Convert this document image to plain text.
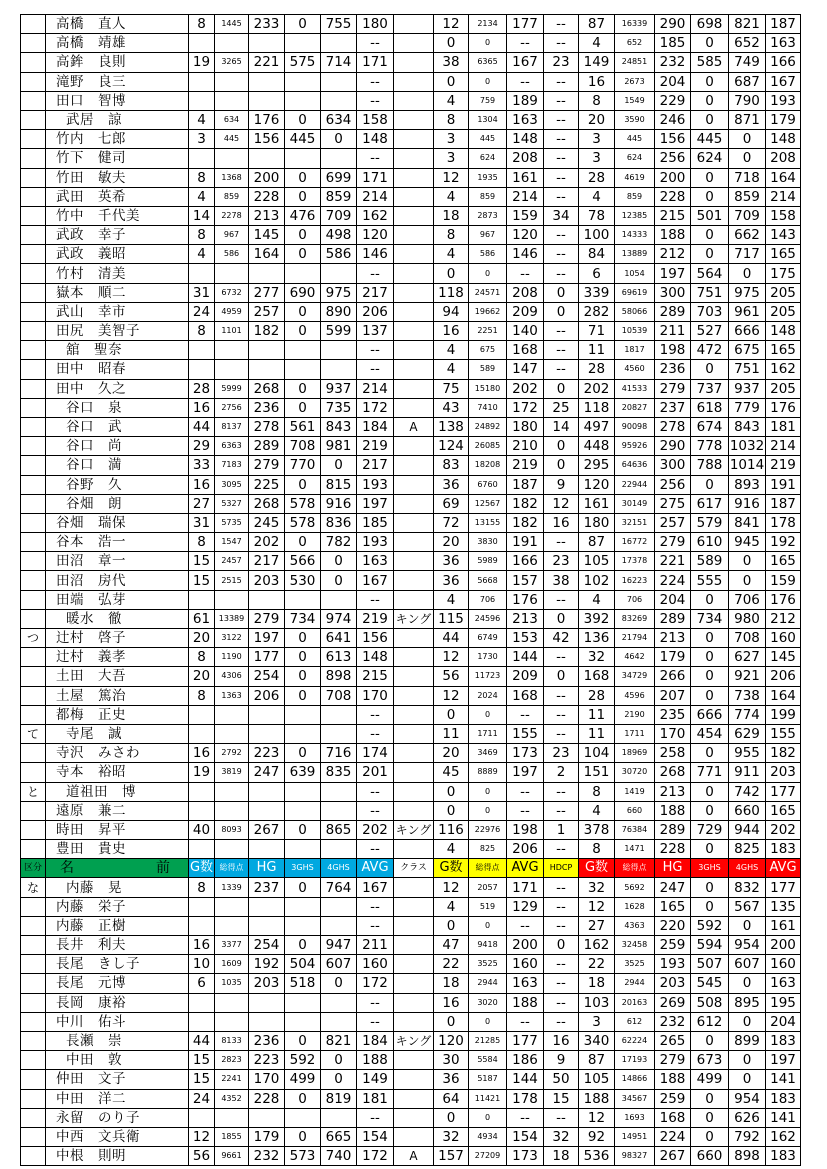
	高橋　直人	8	1445	233	0	755	180		12	2134	177	--	87	16339	290	698	821	187
	高橋　靖雄						--		0	0	--	--	4	652	185	0	652	163
	高鉾　良則	19	3265	221	575	714	171		38	6365	167	23	149	24851	232	585	749	166
	滝野　良三						--		0	0	--	--	16	2673	204	0	687	167
	田口　智博						--		4	759	189	--	8	1549	229	0	790	193
	武居　諒	4	634	176	0	634	158		8	1304	163	--	20	3590	246	0	871	179
	竹内　七郎	3	445	156	445	0	148		3	445	148	--	3	445	156	445	0	148
	竹下　健司						--		3	624	208	--	3	624	256	624	0	208
	竹田　敏夫	8	1368	200	0	699	171		12	1935	161	--	28	4619	200	0	718	164
	武田　英希	4	859	228	0	859	214		4	859	214	--	4	859	228	0	859	214
	竹中　千代美	14	2278	213	476	709	162		18	2873	159	34	78	12385	215	501	709	158
	武政　幸子	8	967	145	0	498	120		8	967	120	--	100	14333	188	0	662	143
	武政　義昭	4	586	164	0	586	146		4	586	146	--	84	13889	212	0	717	165
	竹村　清美						--		0	0	--	--	6	1054	197	564	0	175
	嶽本　順二	31	6732	277	690	975	217		118	24571	208	0	339	69619	300	751	975	205
	武山　幸市	24	4959	257	0	890	206		94	19662	209	0	282	58066	289	703	961	205
	田尻　美智子	8	1101	182	0	599	137		16	2251	140	--	71	10539	211	527	666	148
	舘　聖奈						--		4	675	168	--	11	1817	198	472	675	165
	田中　昭春						--		4	589	147	--	28	4560	236	0	751	162
	田中　久之	28	5999	268	0	937	214		75	15180	202	0	202	41533	279	737	937	205
	谷口　泉	16	2756	236	0	735	172		43	7410	172	25	118	20827	237	618	779	176
	谷口　武	44	8137	278	561	843	184	A	138	24892	180	14	497	90098	278	674	843	181
	谷口　尚	29	6363	289	708	981	219		124	26085	210	0	448	95926	290	778	1032	214
	谷口　満	33	7183	279	770	0	217		83	18208	219	0	295	64636	300	788	1014	219
	谷野　久	16	3095	225	0	815	193		36	6760	187	9	120	22944	256	0	893	191
	谷畑　朗	27	5327	268	578	916	197		69	12567	182	12	161	30149	275	617	916	187
	谷畑　瑞保	31	5735	245	578	836	185		72	13155	182	16	180	32151	257	579	841	178
	谷本　浩一	8	1547	202	0	782	193		20	3830	191	--	87	16772	279	610	945	192
	田沼　章一	15	2457	217	566	0	163		36	5989	166	23	105	17378	221	589	0	165
	田沼　房代	15	2515	203	530	0	167		36	5668	157	38	102	16223	224	555	0	159
	田端　弘芽						--		4	706	176	--	4	706	204	0	706	176
	暖水　徹	61	13389	279	734	974	219	キング	115	24596	213	0	392	83269	289	734	980	212
つ	辻村　啓子	20	3122	197	0	641	156		44	6749	153	42	136	21794	213	0	708	160
	辻村　義孝	8	1190	177	0	613	148		12	1730	144	--	32	4642	179	0	627	145
	土田　大吾	20	4306	254	0	898	215		56	11723	209	0	168	34729	266	0	921	206
	土屋　篤治	8	1363	206	0	708	170		12	2024	168	--	28	4596	207	0	738	164
	都梅　正史						--		0	0	--	--	11	2190	235	666	774	199
て	寺尾　誠						--		11	1711	155	--	11	1711	170	454	629	155
	寺沢　みさわ	16	2792	223	0	716	174		20	3469	173	23	104	18969	258	0	955	182
	寺本　裕昭	19	3819	247	639	835	201		45	8889	197	2	151	30720	268	771	911	203
と	道祖田　博						--		0	0	--	--	8	1419	213	0	742	177
	遠原　兼二						--		0	0	--	--	4	660	188	0	660	165
	時田　昇平	40	8093	267	0	865	202	キング	116	22976	198	1	378	76384	289	729	944	202
	豊田　貴史						--		4	825	206	--	8	1471	228	0	825	183
区分	名　　前	G数	総得点	HG	3GHS	4GHS	AVG	クラス	G数	総得点	AVG	HDCP	G数	総得点	HG	3GHS	4GHS	AVG
な	内藤　晃	8	1339	237	0	764	167		12	2057	171	--	32	5692	247	0	832	177
	内藤　栄子						--		4	519	129	--	12	1628	165	0	567	135
	内藤　正樹						--		0	0	--	--	27	4363	220	592	0	161
	長井　利夫	16	3377	254	0	947	211		47	9418	200	0	162	32458	259	594	954	200
	長尾　きし子	10	1609	192	504	607	160		22	3525	160	--	22	3525	193	507	607	160
	長尾　元博	6	1035	203	518	0	172		18	2944	163	--	18	2944	203	545	0	163
	長岡　康裕						--		16	3020	188	--	103	20163	269	508	895	195
	中川　佑斗						--		0	0	--	--	3	612	232	612	0	204
	長瀬　崇	44	8133	236	0	821	184	キング	120	21285	177	16	340	62224	265	0	899	183
	中田　敦	15	2823	223	592	0	188		30	5584	186	9	87	17193	279	673	0	197
	仲田　文子	15	2241	170	499	0	149		36	5187	144	50	105	14866	188	499	0	141
	中田　洋二	24	4352	228	0	819	181		64	11421	178	15	188	34567	259	0	954	183
	永留　のり子						--		0	0	--	--	12	1693	168	0	626	141
	中西　文兵衛	12	1855	179	0	665	154		32	4934	154	32	92	14951	224	0	792	162
	中根　則明	56	9661	232	573	740	172	A	157	27209	173	18	536	98327	267	660	898	183
